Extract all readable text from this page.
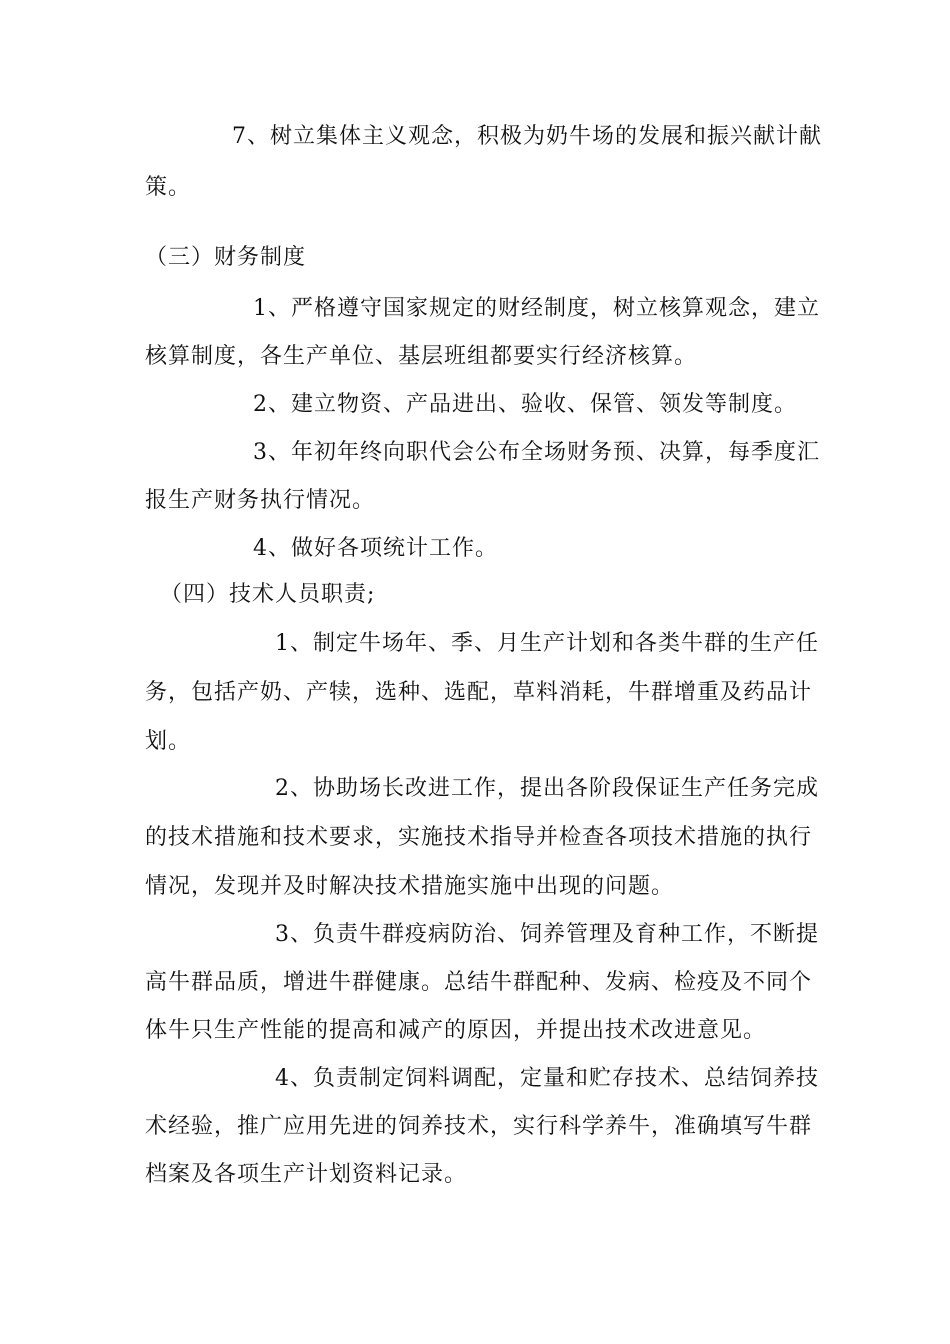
7、树立集体主义观念，积极为奶牛场的发展和振兴献计献
策。
（三）财务制度
1、严格遵守国家规定的财经制度，树立核算观念，建立
核算制度，各生产单位、基层班组都要实行经济核算。
2、建立物资、产品进出、验收、保管、领发等制度。
3、年初年终向职代会公布全场财务预、决算，每季度汇
报生产财务执行情况。
4、做好各项统计工作。
（四）技术人员职责;
1、制定牛场年、季、月生产计划和各类牛群的生产任
务，包括产奶、产犊，选种、选配，草料消耗，牛群增重及药品计
划。
2、协助场长改进工作，提出各阶段保证生产任务完成
的技术措施和技术要求，实施技术指导并检查各项技术措施的执行
情况，发现并及时解决技术措施实施中出现的问题。
3、负责牛群疫病防治、饲养管理及育种工作，不断提
高牛群品质，增进牛群健康。总结牛群配种、发病、检疫及不同个
体牛只生产性能的提高和减产的原因，并提出技术改进意见。
4、负责制定饲料调配，定量和贮存技术、总结饲养技
术经验，推广应用先进的饲养技术，实行科学养牛，准确填写牛群
档案及各项生产计划资料记录。
